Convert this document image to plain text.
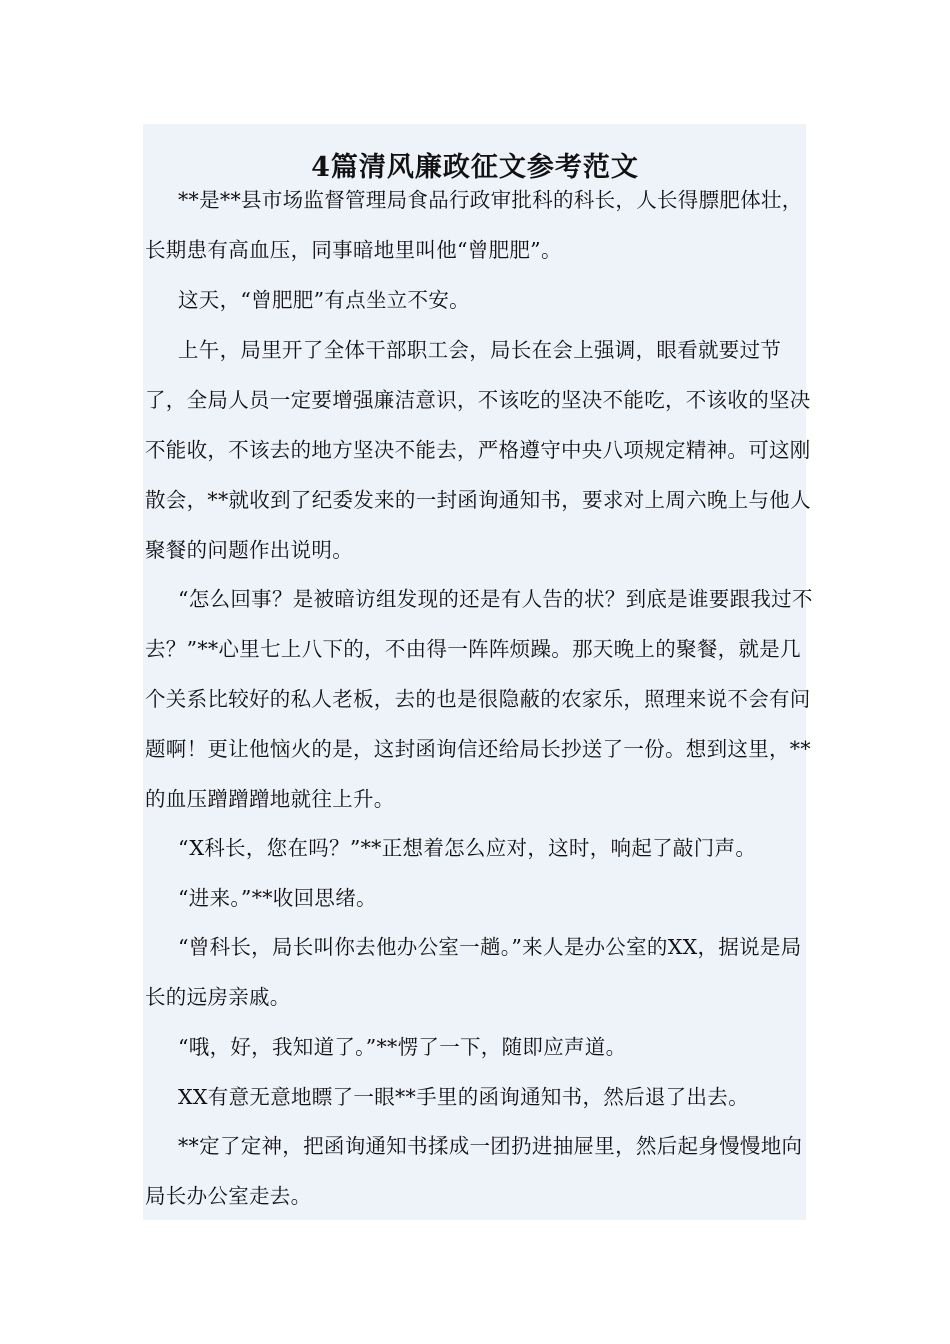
4篇清风廉政征文参考范文

**是**县市场监督管理局食品行政审批科的科长，人长得膘肥体壮，长期患有高血压，同事暗地里叫他“曾肥肥”。

这天，“曾肥肥”有点坐立不安。

上午，局里开了全体干部职工会，局长在会上强调，眼看就要过节了，全局人员一定要增强廉洁意识，不该吃的坚决不能吃，不该收的坚决不能收，不该去的地方坚决不能去，严格遵守中央八项规定精神。可这刚散会，**就收到了纪委发来的一封函询通知书，要求对上周六晚上与他人聚餐的问题作出说明。

“怎么回事？是被暗访组发现的还是有人告的状？到底是谁要跟我过不去？”**心里七上八下的，不由得一阵阵烦躁。那天晚上的聚餐，就是几个关系比较好的私人老板，去的也是很隐蔽的农家乐，照理来说不会有问题啊！更让他恼火的是，这封函询信还给局长抄送了一份。想到这里，**的血压蹭蹭蹭地就往上升。

“X科长，您在吗？”**正想着怎么应对，这时，响起了敲门声。

“进来。”**收回思绪。

“曾科长，局长叫你去他办公室一趟。”来人是办公室的XX，据说是局长的远房亲戚。

“哦，好，我知道了。”**愣了一下，随即应声道。

XX有意无意地瞟了一眼**手里的函询通知书，然后退了出去。

**定了定神，把函询通知书揉成一团扔进抽屉里，然后起身慢慢地向局长办公室走去。
